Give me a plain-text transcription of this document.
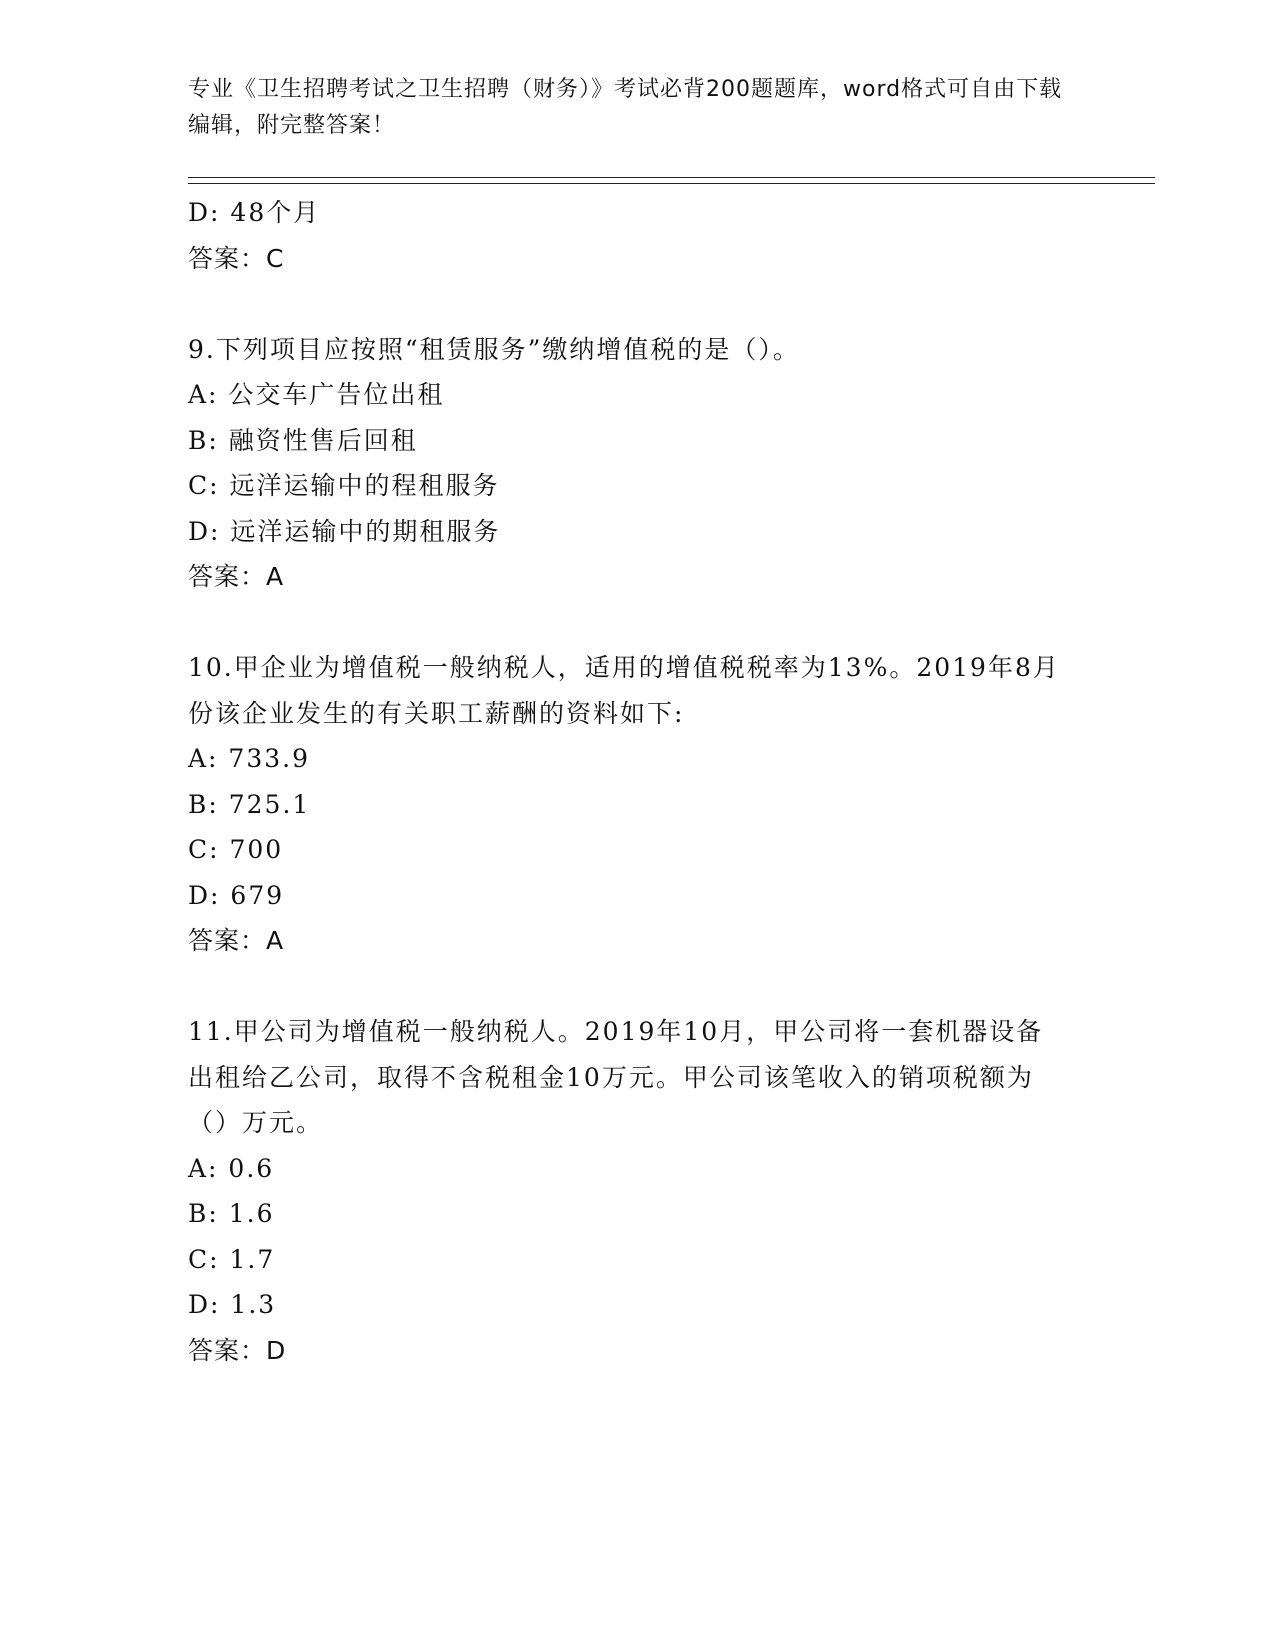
专业《卫生招聘考试之卫生招聘（财务）》考试必背200题题库，word格式可自由下载编辑，附完整答案！
D: 48个月
答案：C
9.下列项目应按照“租赁服务”缴纳增值税的是（）。
A: 公交车广告位出租
B: 融资性售后回租
C: 远洋运输中的程租服务
D: 远洋运输中的期租服务
答案：A
10.甲企业为增值税一般纳税人，适用的增值税税率为13%。2019年8月份该企业发生的有关职工薪酬的资料如下:
A: 733.9
B: 725.1
C: 700
D: 679
答案：A
11.甲公司为增值税一般纳税人。2019年10月，甲公司将一套机器设备出租给乙公司，取得不含税租金10万元。甲公司该笔收入的销项税额为（）万元。
A: 0.6
B: 1.6
C: 1.7
D: 1.3
答案：D
